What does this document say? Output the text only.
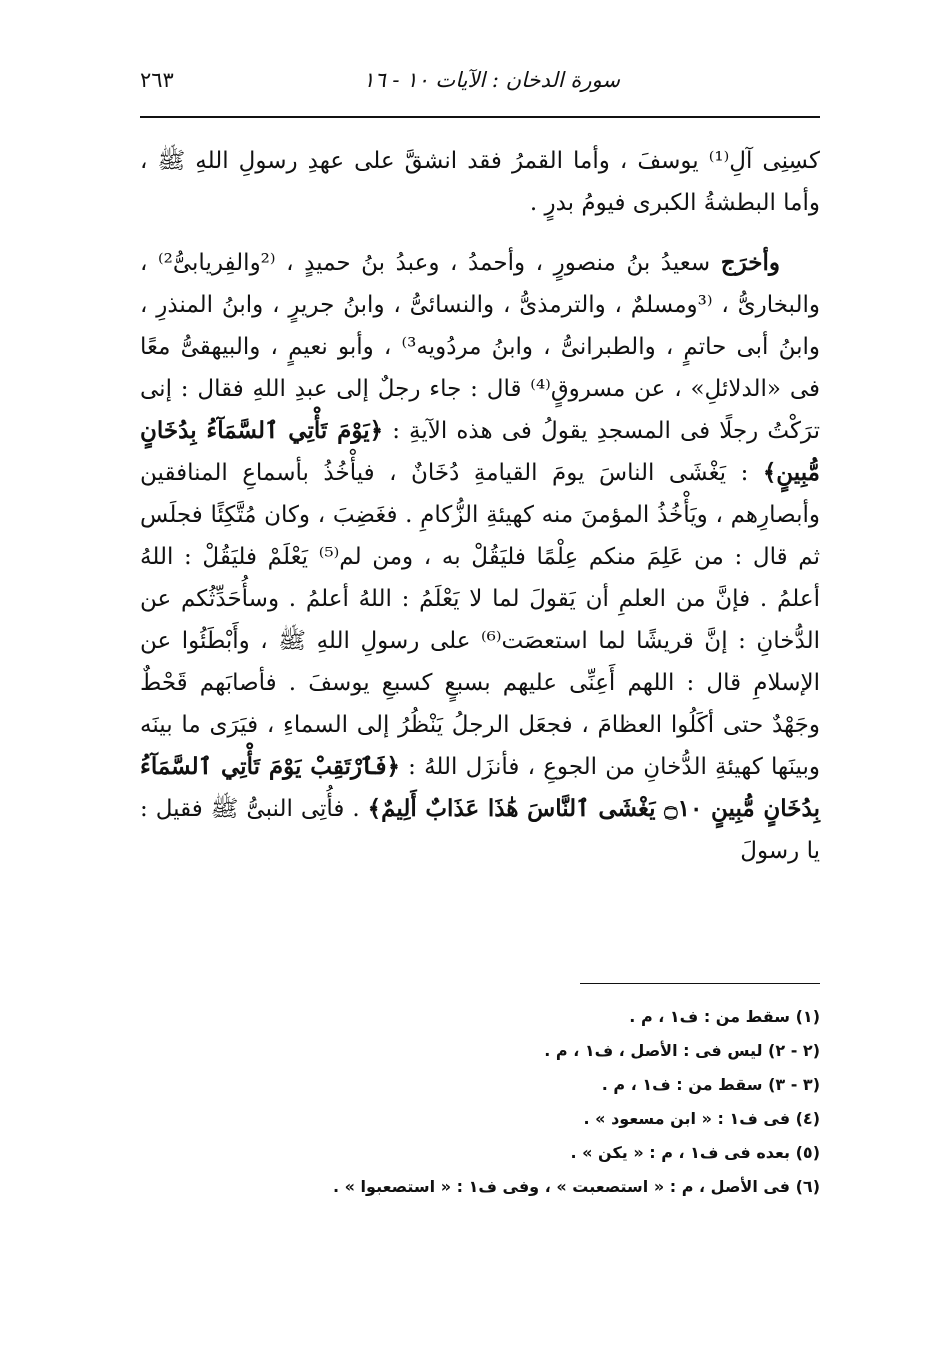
سورة الدخان : الآيات ١٠ - ١٦
٢٦٣

كسِنِى آلِ⁽¹⁾ يوسفَ ، وأما القمرُ فقد انشقَّ على عهدِ رسولِ اللهِ ﷺ ، وأما البطشةُ الكبرى فيومُ بدرٍ .

وأخرَج سعيدُ بنُ منصورٍ ، وأحمدُ ، وعبدُ بنُ حميدٍ ، ⁽²والفِريابىُّ²⁾ ، والبخارىُّ ، ⁽³ومسلمٌ ، والترمذىُّ ، والنسائىُّ ، وابنُ جريرٍ ، وابنُ المنذرِ ، وابنُ أبى حاتمٍ ، والطبرانىُّ ، وابنُ مردُويه³⁾ ، وأبو نعيمٍ ، والبيهقىُّ معًا فى «الدلائلِ» ، عن مسروقٍ⁽⁴⁾ قال : جاء رجلٌ إلى عبدِ اللهِ فقال : إنى ترَكْتُ رجلًا فى المسجدِ يقولُ فى هذه الآيةِ : ﴿يَوْمَ تَأْتِي ٱلسَّمَآءُ بِدُخَانٍ مُّبِينٍ﴾ : يَغْشَى الناسَ يومَ القيامةِ دُخَانٌ ، فيأْخُذُ بأسماعِ المنافقين وأبصارِهم ، ويَأْخُذُ المؤمنَ منه كهيئةِ الزُّكامِ . فغَضِبَ ، وكان مُتَّكِئًا فجلَس ثم قال : من عَلِمَ منكم عِلْمًا فليَقُلْ به ، ومن لم⁽⁵⁾ يَعْلَمْ فليَقُلْ : اللهُ أعلمُ . فإنَّ من العلمِ أن يَقولَ لما لا يَعْلَمُ : اللهُ أعلمُ . وسأُحَدِّثُكم عن الدُّخانِ : إنَّ قريشًا لما استعصَت⁽⁶⁾ على رسولِ اللهِ ﷺ ، وأَبْطَئُوا عن الإسلامِ قال : اللهم أَعِنِّى عليهم بسبعٍ كسبعِ يوسفَ . فأصابَهم قَحْطٌ وجَهْدٌ حتى أكَلُوا العظامَ ، فجعَل الرجلُ يَنْظُرُ إلى السماءِ ، فيَرَى ما بينَه وبينَها كهيئةِ الدُّخانِ من الجوعِ ، فأنزَل اللهُ : ﴿فَٱرْتَقِبْ يَوْمَ تَأْتِي ٱلسَّمَآءُ بِدُخَانٍ مُّبِينٍ ۝١٠ يَغْشَى ٱلنَّاسَ هَٰذَا عَذَابٌ أَلِيمٌ﴾ . فأُتِى النبىُّ ﷺ فقيل : يا رسولَ

(١) سقط من : ف١ ، م .

(٢ - ٢) ليس فى : الأصل ، ف١ ، م .

(٣ - ٣) سقط من : ف١ ، م .

(٤) فى ف١ : « ابن مسعود » .

(٥) بعده فى ف١ ، م : « يكن » .

(٦) فى الأصل ، م : « استصعبت » ، وفى ف١ : « استصعبوا » .
